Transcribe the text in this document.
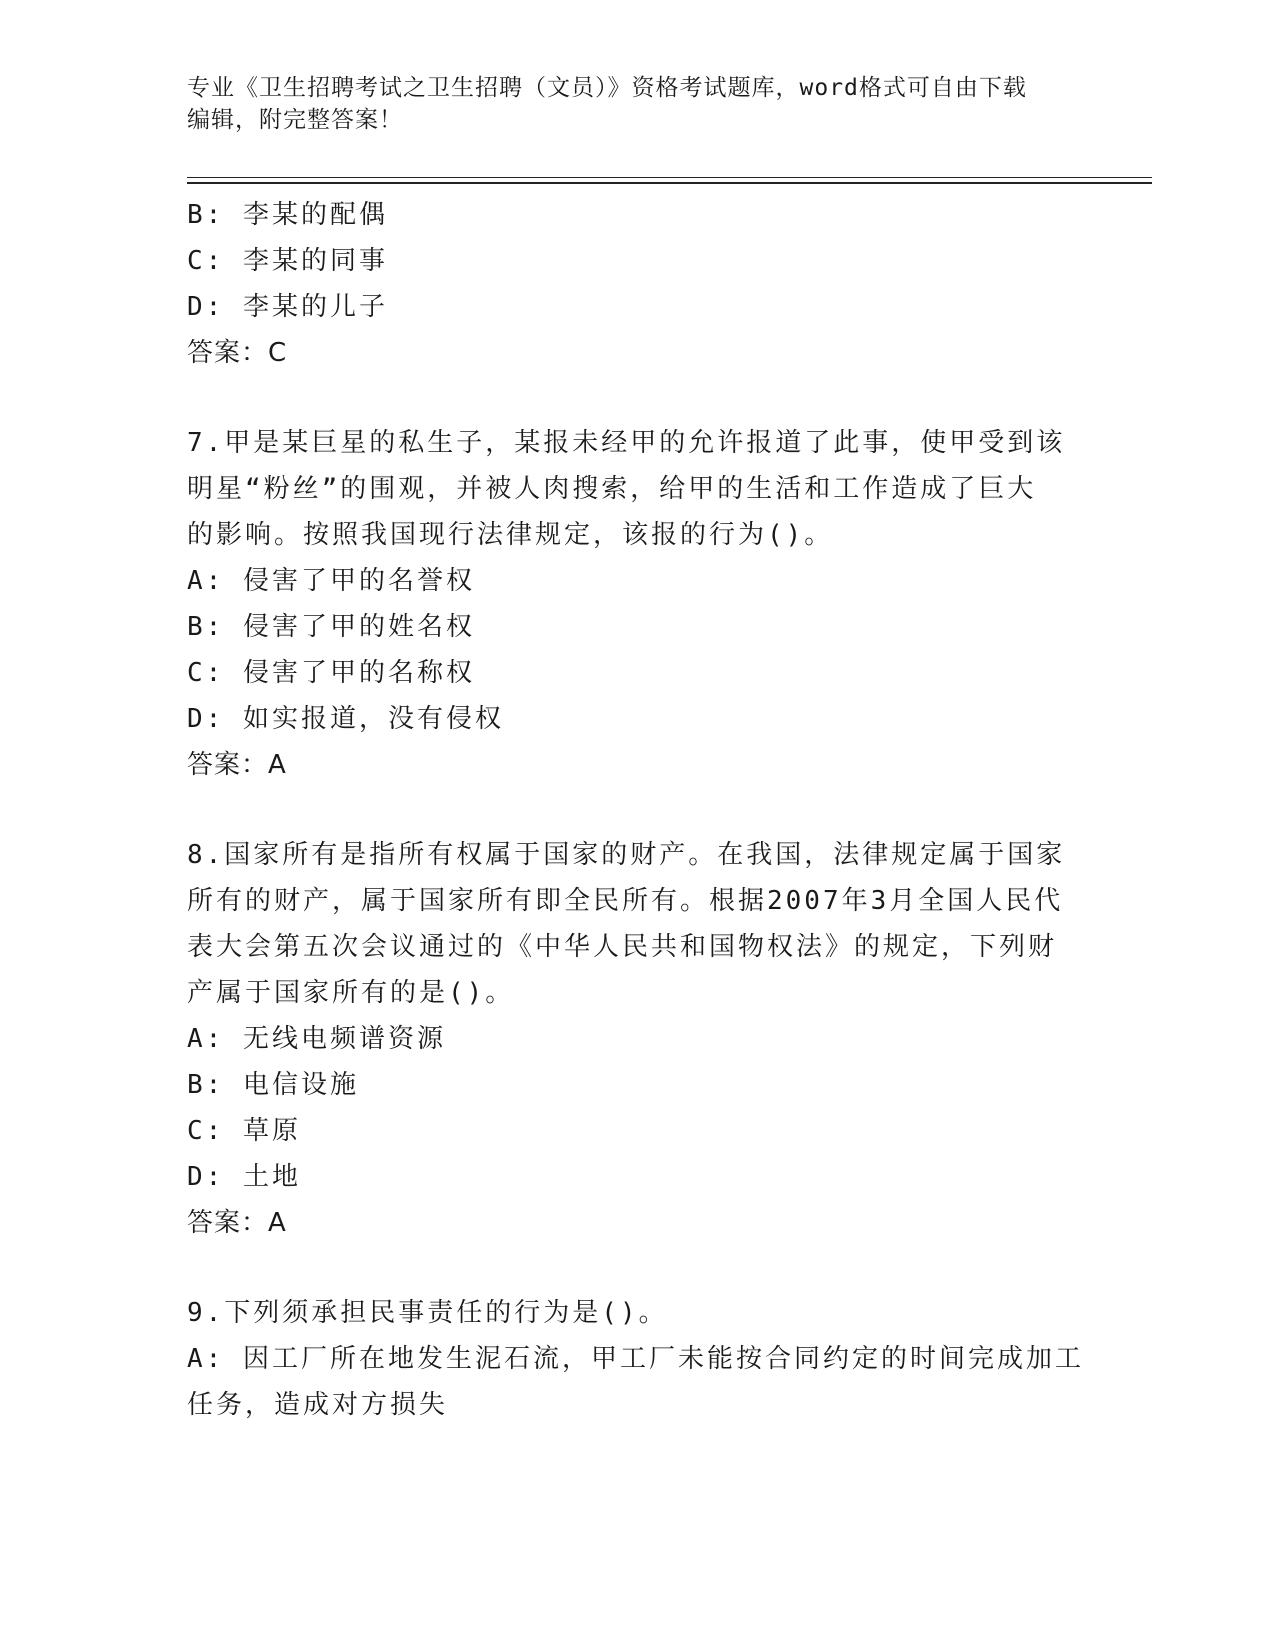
专业《卫生招聘考试之卫生招聘（文员）》资格考试题库，word格式可自由下载
编辑，附完整答案！
B: 李某的配偶
C: 李某的同事
D: 李某的儿子
答案：C
7.甲是某巨星的私生子，某报未经甲的允许报道了此事，使甲受到该
明星“粉丝”的围观，并被人肉搜索，给甲的生活和工作造成了巨大
的影响。按照我国现行法律规定，该报的行为()。
A: 侵害了甲的名誉权
B: 侵害了甲的姓名权
C: 侵害了甲的名称权
D: 如实报道，没有侵权
答案：A
8.国家所有是指所有权属于国家的财产。在我国，法律规定属于国家
所有的财产，属于国家所有即全民所有。根据2007年3月全国人民代
表大会第五次会议通过的《中华人民共和国物权法》的规定，下列财
产属于国家所有的是()。
A: 无线电频谱资源
B: 电信设施
C: 草原
D: 土地
答案：A
9.下列须承担民事责任的行为是()。
A: 因工厂所在地发生泥石流，甲工厂未能按合同约定的时间完成加工
任务，造成对方损失
